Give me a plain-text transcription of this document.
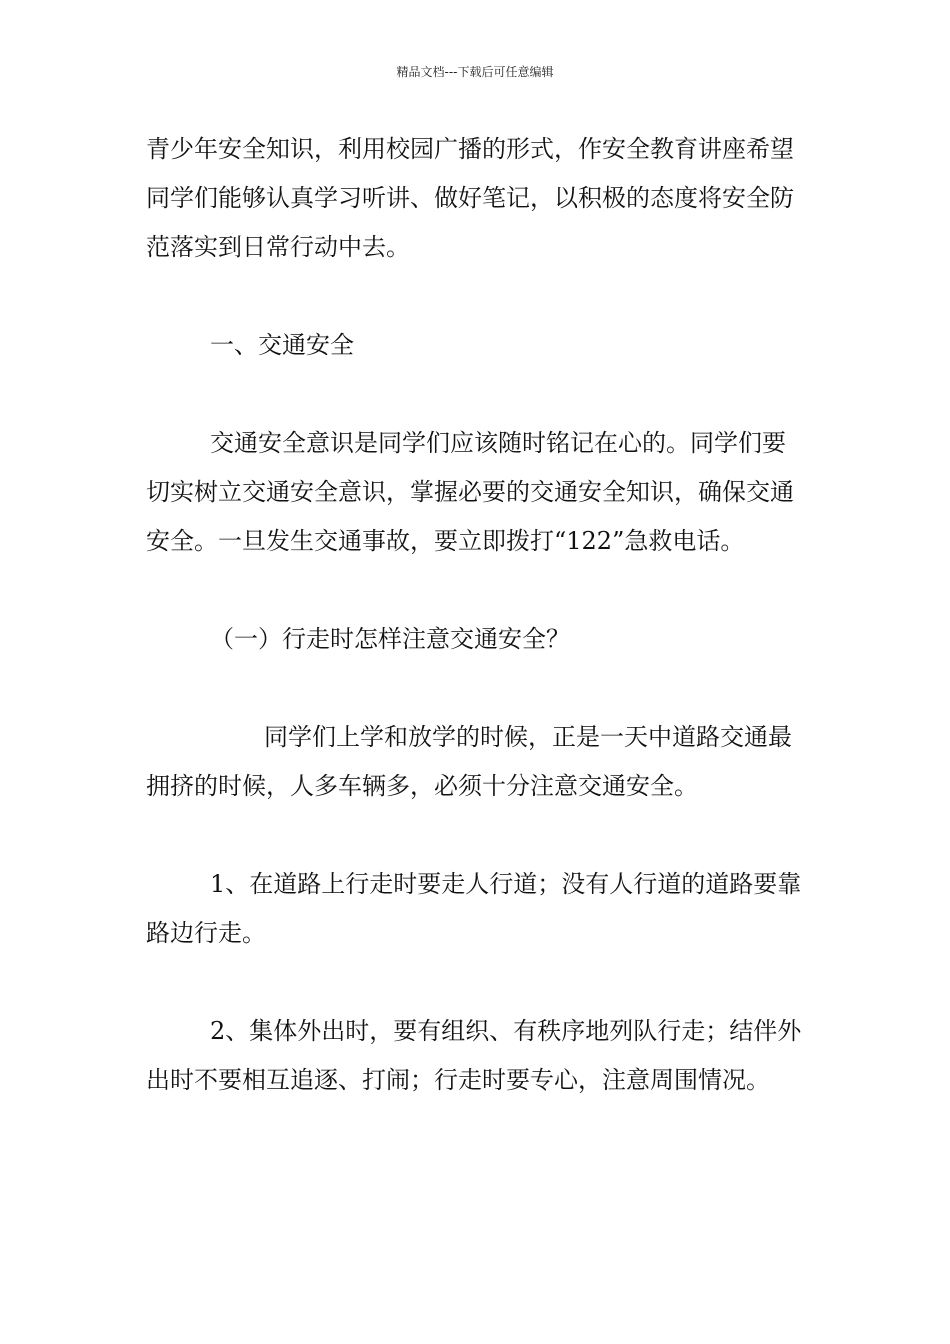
精品文档---下载后可任意编辑

青少年安全知识，利用校园广播的形式，作安全教育讲座希望同学们能够认真学习听讲、做好笔记，以积极的态度将安全防范落实到日常行动中去。

一、交通安全

交通安全意识是同学们应该随时铭记在心的。同学们要切实树立交通安全意识，掌握必要的交通安全知识，确保交通安全。一旦发生交通事故，要立即拨打“122”急救电话。

（一）行走时怎样注意交通安全？

同学们上学和放学的时候，正是一天中道路交通最拥挤的时候，人多车辆多，必须十分注意交通安全。

1、在道路上行走时要走人行道；没有人行道的道路要靠路边行走。

2、集体外出时，要有组织、有秩序地列队行走；结伴外出时不要相互追逐、打闹；行走时要专心，注意周围情况。
